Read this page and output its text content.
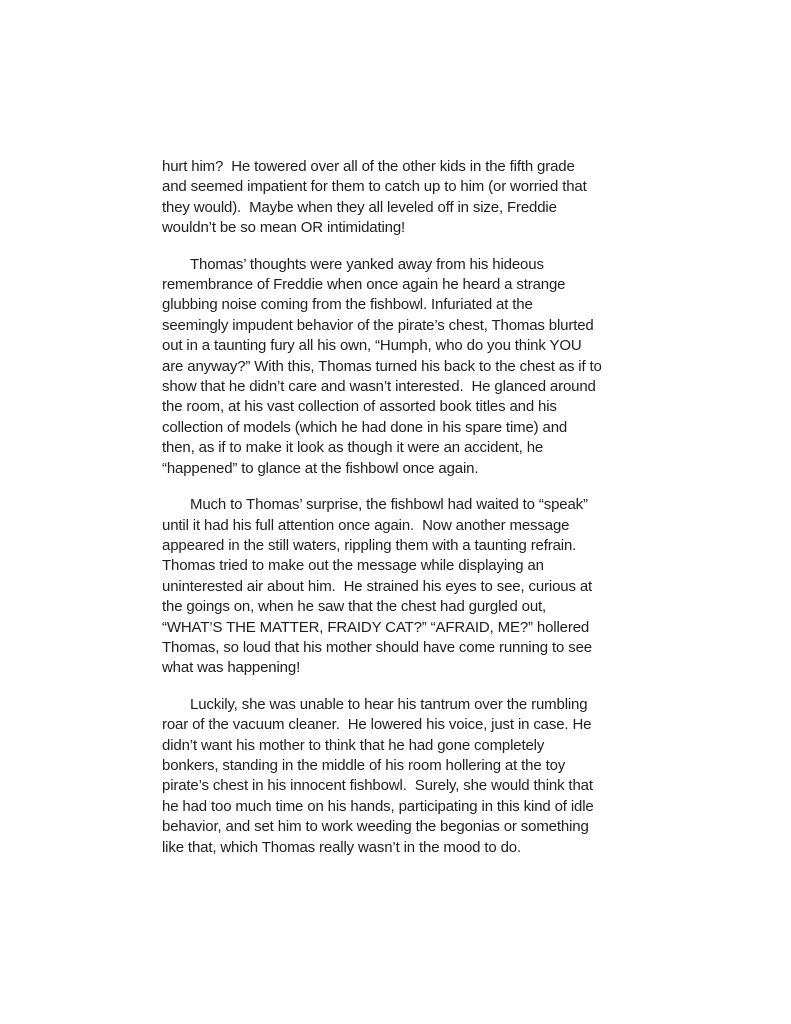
hurt him?  He towered over all of the other kids in the fifth grade
and seemed impatient for them to catch up to him (or worried that
they would).  Maybe when they all leveled off in size, Freddie
wouldn’t be so mean OR intimidating!
Thomas’ thoughts were yanked away from his hideous
remembrance of Freddie when once again he heard a strange
glubbing noise coming from the fishbowl. Infuriated at the
seemingly impudent behavior of the pirate’s chest, Thomas blurted
out in a taunting fury all his own, “Humph, who do you think YOU
are anyway?” With this, Thomas turned his back to the chest as if to
show that he didn’t care and wasn’t interested.  He glanced around
the room, at his vast collection of assorted book titles and his
collection of models (which he had done in his spare time) and
then, as if to make it look as though it were an accident, he
“happened” to glance at the fishbowl once again.
Much to Thomas’ surprise, the fishbowl had waited to “speak”
until it had his full attention once again.  Now another message
appeared in the still waters, rippling them with a taunting refrain.
Thomas tried to make out the message while displaying an
uninterested air about him.  He strained his eyes to see, curious at
the goings on, when he saw that the chest had gurgled out,
“WHAT’S THE MATTER, FRAIDY CAT?” “AFRAID, ME?” hollered
Thomas, so loud that his mother should have come running to see
what was happening!
Luckily, she was unable to hear his tantrum over the rumbling
roar of the vacuum cleaner.  He lowered his voice, just in case. He
didn’t want his mother to think that he had gone completely
bonkers, standing in the middle of his room hollering at the toy
pirate’s chest in his innocent fishbowl.  Surely, she would think that
he had too much time on his hands, participating in this kind of idle
behavior, and set him to work weeding the begonias or something
like that, which Thomas really wasn’t in the mood to do.
